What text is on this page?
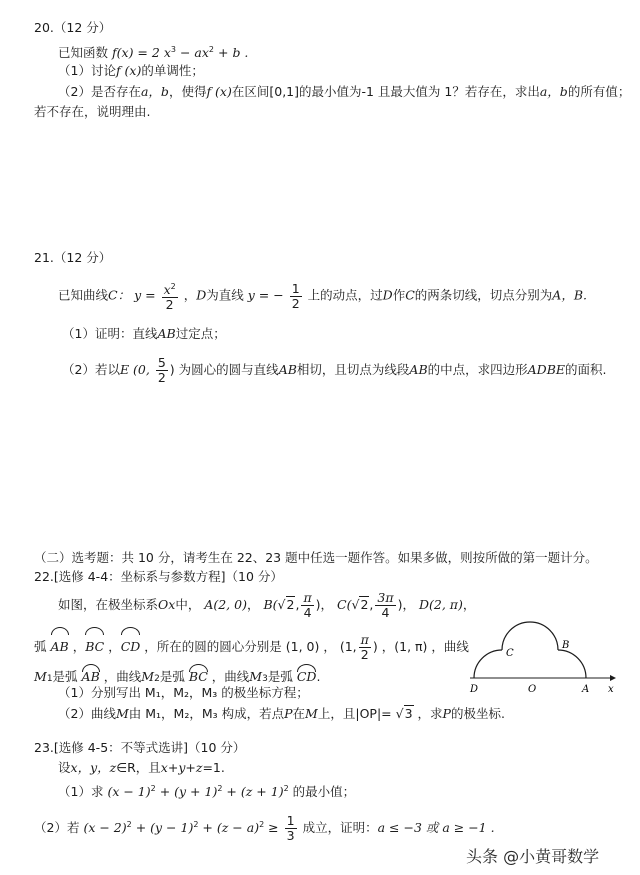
20.（12 分）
已知函数 f(x) = 2 $x^3 - ax^2 + b$ .
（1）讨论f (x)的单调性；
（2）是否存在a，b，使得f (x)在区间[0,1]的最小值为-1 且最大值为 1？若存在，求出a，b的所有值；
若不存在，说明理由.
21.（12 分）
已知曲线C： $y = \frac{x^2}{2}$ ，D为直线 y = − $\frac{1}{2}$ 上的动点，过D作C的两条切线，切点分别为A，B.
（1）证明：直线AB过定点；
（2）若以E (0, $\frac{5}{2}$ ) 为圆心的圆与直线AB相切，且切点为线段AB的中点，求四边形ADBE的面积.
（二）选考题：共 10 分，请考生在 22、23 题中任选一题作答。如果多做，则按所做的第一题计分。
22.[选修 4-4：坐标系与参数方程]（10 分）
如图，在极坐标系Ox中， A(2, 0)， B(√2, $\frac{\pi}{4}$ )， C(√2, $\frac{3\pi}{4}$ )， D(2, π)，
弧 AB ，BC ，CD ，所在的圆的圆心分别是 (1, 0) ， (1, $\frac{\pi}{2}$ ) ，(1, π) ，曲线
M1是弧 AB ，曲线M2是弧 BC ，曲线M3是弧 CD.
（1）分别写出 M₁，M₂，M₃ 的极坐标方程；
（2）曲线M由 M₁，M₂，M₃ 构成，若点P在M上，且|OP|= √3 ，求P的极坐标.
C
B
D	O	A x
23.[选修 4-5：不等式选讲]（10 分）
设x，y，z∈R，且x+y+z=1.
（1）求 $(x - 1)^2 + (y + 1)^2 + (z + 1)^2$ 的最小值；
（2）若 $(x - 2)^2 + (y - 1)^2 + (z - a)^2 \ge \frac{1}{3}$ 成立，证明：a ≤ −3 或 a ≥ −1 .
头条 @小黄哥数学
